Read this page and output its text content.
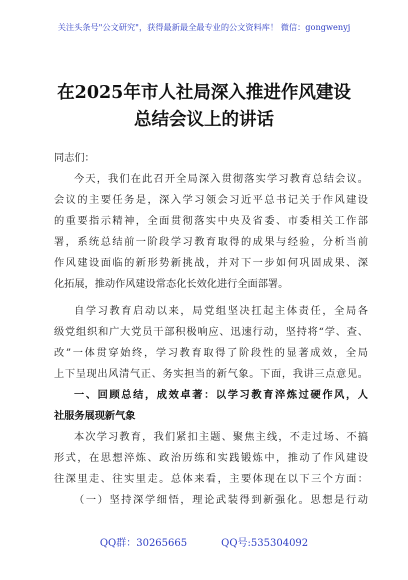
关注头条号"公文研究"，获得最新最全最专业的公文资料库！ 微信：gongwenyj
在2025年市人社局深入推进作风建设
总结会议上的讲话
同志们：
今天，我们在此召开全局深入贯彻落实学习教育总结会议。
会议的主要任务是，深入学习领会习近平总书记关于作风建设
的重要指示精神，全面贯彻落实中央及省委、市委相关工作部
署，系统总结前一阶段学习教育取得的成果与经验，分析当前
作风建设面临的新形势新挑战，并对下一步如何巩固成果、深
化拓展，推动作风建设常态化长效化进行全面部署。
自学习教育启动以来，局党组坚决扛起主体责任，全局各
级党组织和广大党员干部积极响应、迅速行动，坚持将“学、查、
改”一体贯穿始终，学习教育取得了阶段性的显著成效，全局
上下呈现出风清气正、务实担当的新气象。下面，我讲三点意见。
一、回顾总结，成效卓著：以学习教育淬炼过硬作风，人
社服务展现新气象
本次学习教育，我们紧扣主题、聚焦主线，不走过场、不搞
形式，在思想淬炼、政治历练和实践锻炼中，推动了作风建设
往深里走、往实里走。总体来看，主要体现在以下三个方面：
（一）坚持深学细悟，理论武装得到新强化。思想是行动
QQ群：30265665	QQ号:535304092
